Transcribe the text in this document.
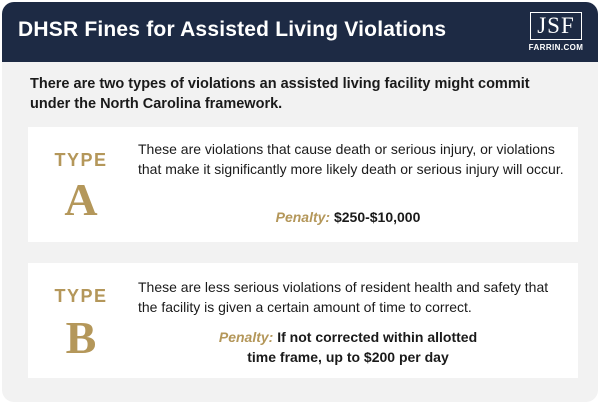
DHSR Fines for Assisted Living Violations	JSF
FARRIN.COM
There are two types of violations an assisted living facility might commit under the North Carolina framework.
TYPE
A
These are violations that cause death or serious injury, or violations that make it significantly more likely death or serious injury will occur.
Penalty: $250-$10,000
TYPE
B
These are less serious violations of resident health and safety that the facility is given a certain amount of time to correct.
Penalty: If not corrected within allotted
time frame, up to $200 per day
